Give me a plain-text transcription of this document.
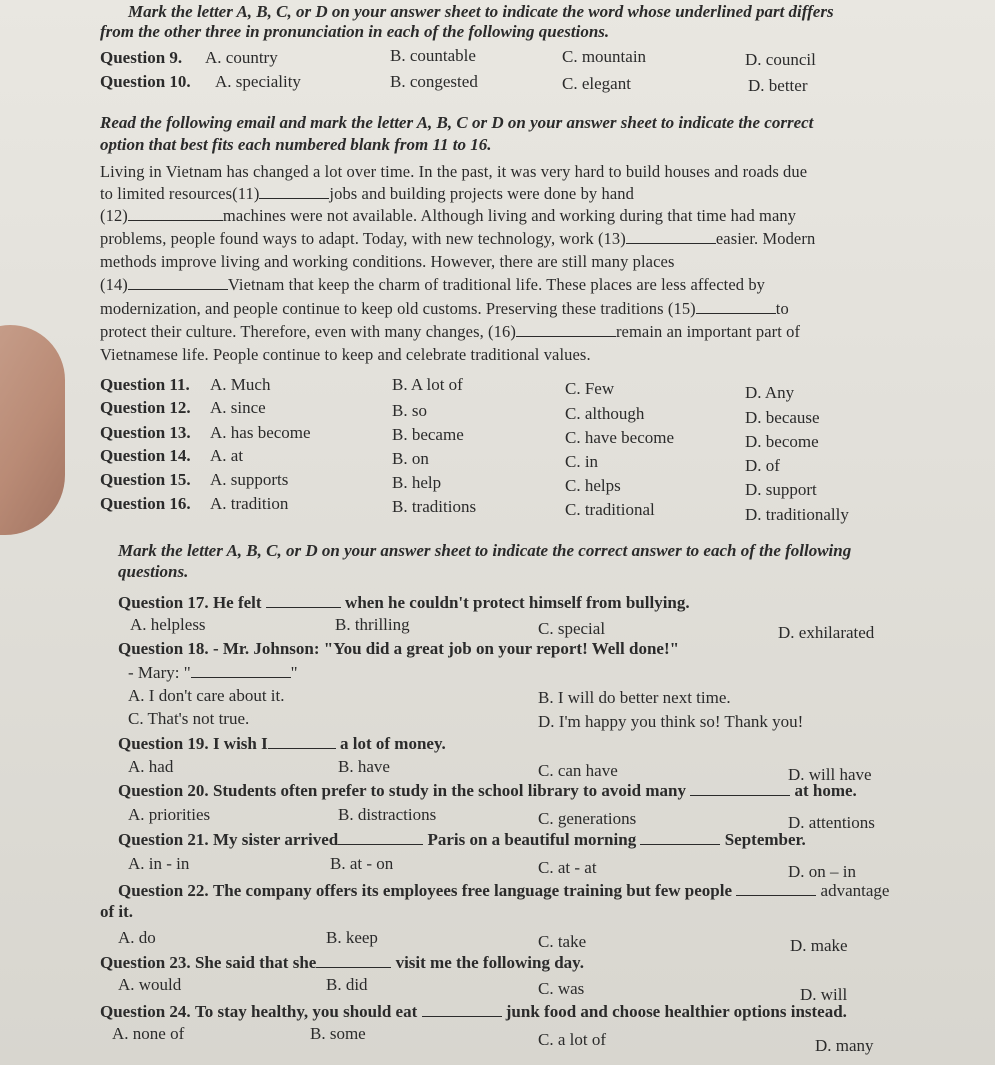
Mark the letter A, B, C, or D on your answer sheet to indicate the word whose underlined part differs
from the other three in pronunciation in each of the following questions.
Question 9. A. country	B. countable	C. mountain	D. council
Question 10. A. speciality	B. congested	C. elegant	D. better
Read the following email and mark the letter A, B, C or D on your answer sheet to indicate the correct
option that best fits each numbered blank from 11 to 16.
Living in Vietnam has changed a lot over time. In the past, it was very hard to build houses and roads due
to limited resources(11)	jobs and building projects were done by hand
(12)	machines were not available. Although living and working during that time had many
problems, people found ways to adapt. Today, with new technology, work (13)	easier. Modern
methods improve living and working conditions. However, there are still many places
(14)	Vietnam that keep the charm of traditional life. These places are less affected by
modernization, and people continue to keep old customs. Preserving these traditions (15)	to
protect their culture. Therefore, even with many changes, (16)	remain an important part of
Vietnamese life. People continue to keep and celebrate traditional values.
Question 11. A. Much	B. A lot of	C. Few	D. Any
Question 12. A. since	B. so	C. although	D. because
Question 13. A. has become	B. became	C. have become	D. become
Question 14. A. at	B. on	C. in	D. of
Question 15. A. supports	B. help	C. helps	D. support
Question 16. A. tradition	B. traditions	C. traditional	D. traditionally
Mark the letter A, B, C, or D on your answer sheet to indicate the correct answer to each of the following
questions.
Question 17. He felt	when he couldn't protect himself from bullying.
A. helpless	B. thrilling	C. special	D. exhilarated
Question 18. - Mr. Johnson: "You did a great job on your report! Well done!"
- Mary: "	"
A. I don't care about it.	B. I will do better next time.
C. That's not true.	D. I'm happy you think so! Thank you!
Question 19. I wish I	a lot of money.
A. had	B. have	C. can have	D. will have
Question 20. Students often prefer to study in the school library to avoid many	at home.
A. priorities	B. distractions	C. generations	D. attentions
Question 21. My sister arrived	Paris on a beautiful morning	September.
A. in - in	B. at - on	C. at - at	D. on – in
Question 22. The company offers its employees free language training but few people	advantage
of it.
A. do	B. keep	C. take	D. make
Question 23. She said that she	visit me the following day.
A. would	B. did	C. was	D. will
Question 24. To stay healthy, you should eat	junk food and choose healthier options instead.
A. none of	B. some	C. a lot of	D. many
